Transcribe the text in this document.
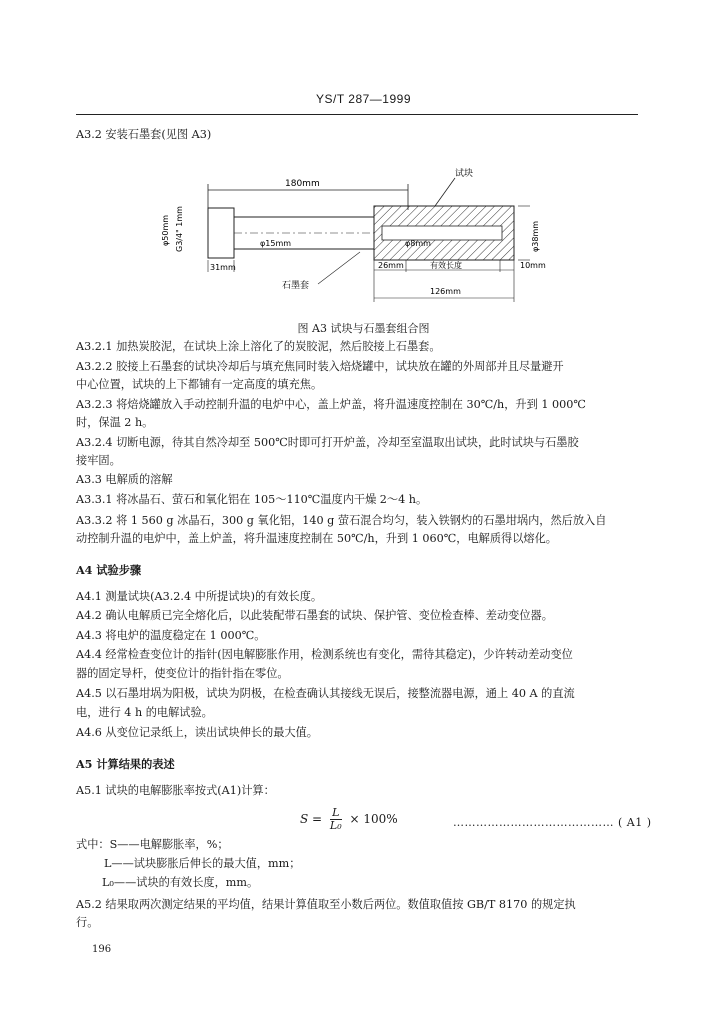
YS/T 287—1999
A3.2 安装石墨套(见图 A3)
180mm
试块
φ15mm	φ8mm
φ50mm G3/4" 1mm	φ38mm
31mm	26mm	有效长度	10mm
126mm
石墨套
图 A3 试块与石墨套组合图
A3.2.1 加热炭胶泥，在试块上涂上溶化了的炭胶泥，然后胶接上石墨套。
A3.2.2 胶接上石墨套的试块冷却后与填充焦同时装入焙烧罐中，试块放在罐的外周部并且尽量避开
中心位置，试块的上下都铺有一定高度的填充焦。
A3.2.3 将焙烧罐放入手动控制升温的电炉中心，盖上炉盖，将升温速度控制在 30℃/h，升到 1 000℃
时，保温 2 h。
A3.2.4 切断电源，待其自然冷却至 500℃时即可打开炉盖，冷却至室温取出试块，此时试块与石墨胶
接牢固。
A3.3 电解质的溶解
A3.3.1 将冰晶石、萤石和氧化铝在 105～110℃温度内干燥 2～4 h。
A3.3.2 将 1 560 g 冰晶石，300 g 氧化铝，140 g 萤石混合均匀，装入铁钢灼的石墨坩埚内，然后放入自
动控制升温的电炉中，盖上炉盖，将升温速度控制在 50℃/h，升到 1 060℃，电解质得以熔化。
A4 试验步骤
A4.1 测量试块(A3.2.4 中所提试块)的有效长度。
A4.2 确认电解质已完全熔化后，以此装配带石墨套的试块、保护管、变位检查棒、差动变位器。
A4.3 将电炉的温度稳定在 1 000℃。
A4.4 经常检查变位计的指针(因电解膨胀作用，检测系统也有变化，需待其稳定)，少许转动差动变位
器的固定导杆，使变位计的指针指在零位。
A4.5 以石墨坩埚为阳极，试块为阴极，在检查确认其接线无误后，接整流器电源，通上 40 A 的直流
电，进行 4 h 的电解试验。
A4.6 从变位记录纸上，读出试块伸长的最大值。
A5 计算结果的表述
A5.1 试块的电解膨胀率按式(A1)计算：
$S = \frac{L}{\text{L₀}} \times 100\%$	…………………………………… ( A1 )
式中：S——电解膨胀率，%；
L——试块膨胀后伸长的最大值，mm；
L₀——试块的有效长度，mm。
A5.2 结果取两次测定结果的平均值，结果计算值取至小数后两位。数值取值按 GB/T 8170 的规定执
行。
196
